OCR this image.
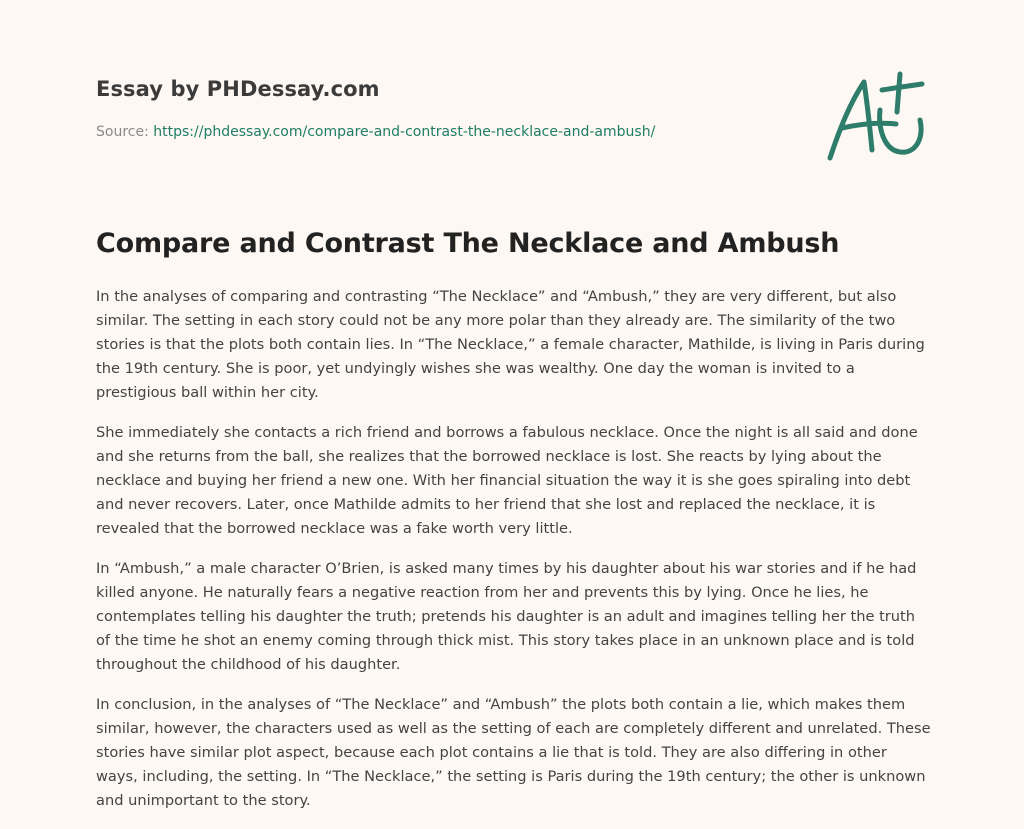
Essay by PHDessay.com
Source: https://phdessay.com/compare-and-contrast-the-necklace-and-ambush/
Compare and Contrast The Necklace and Ambush

In the analyses of comparing and contrasting “The Necklace” and “Ambush,” they are very different, but also similar. The setting in each story could not be any more polar than they already are. The similarity of the two stories is that the plots both contain lies. In “The Necklace,” a female character, Mathilde, is living in Paris during the 19th century. She is poor, yet undyingly wishes she was wealthy. One day the woman is invited to a prestigious ball within her city.

She immediately she contacts a rich friend and borrows a fabulous necklace. Once the night is all said and done and she returns from the ball, she realizes that the borrowed necklace is lost. She reacts by lying about the necklace and buying her friend a new one. With her financial situation the way it is she goes spiraling into debt and never recovers. Later, once Mathilde admits to her friend that she lost and replaced the necklace, it is revealed that the borrowed necklace was a fake worth very little.

In “Ambush,” a male character O’Brien, is asked many times by his daughter about his war stories and if he had killed anyone. He naturally fears a negative reaction from her and prevents this by lying. Once he lies, he contemplates telling his daughter the truth; pretends his daughter is an adult and imagines telling her the truth of the time he shot an enemy coming through thick mist. This story takes place in an unknown place and is told throughout the childhood of his daughter.

In conclusion, in the analyses of “The Necklace” and “Ambush” the plots both contain a lie, which makes them similar, however, the characters used as well as the setting of each are completely different and unrelated. These stories have similar plot aspect, because each plot contains a lie that is told. They are also differing in other ways, including, the setting. In “The Necklace,” the setting is Paris during the 19th century; the other is unknown and unimportant to the story.
